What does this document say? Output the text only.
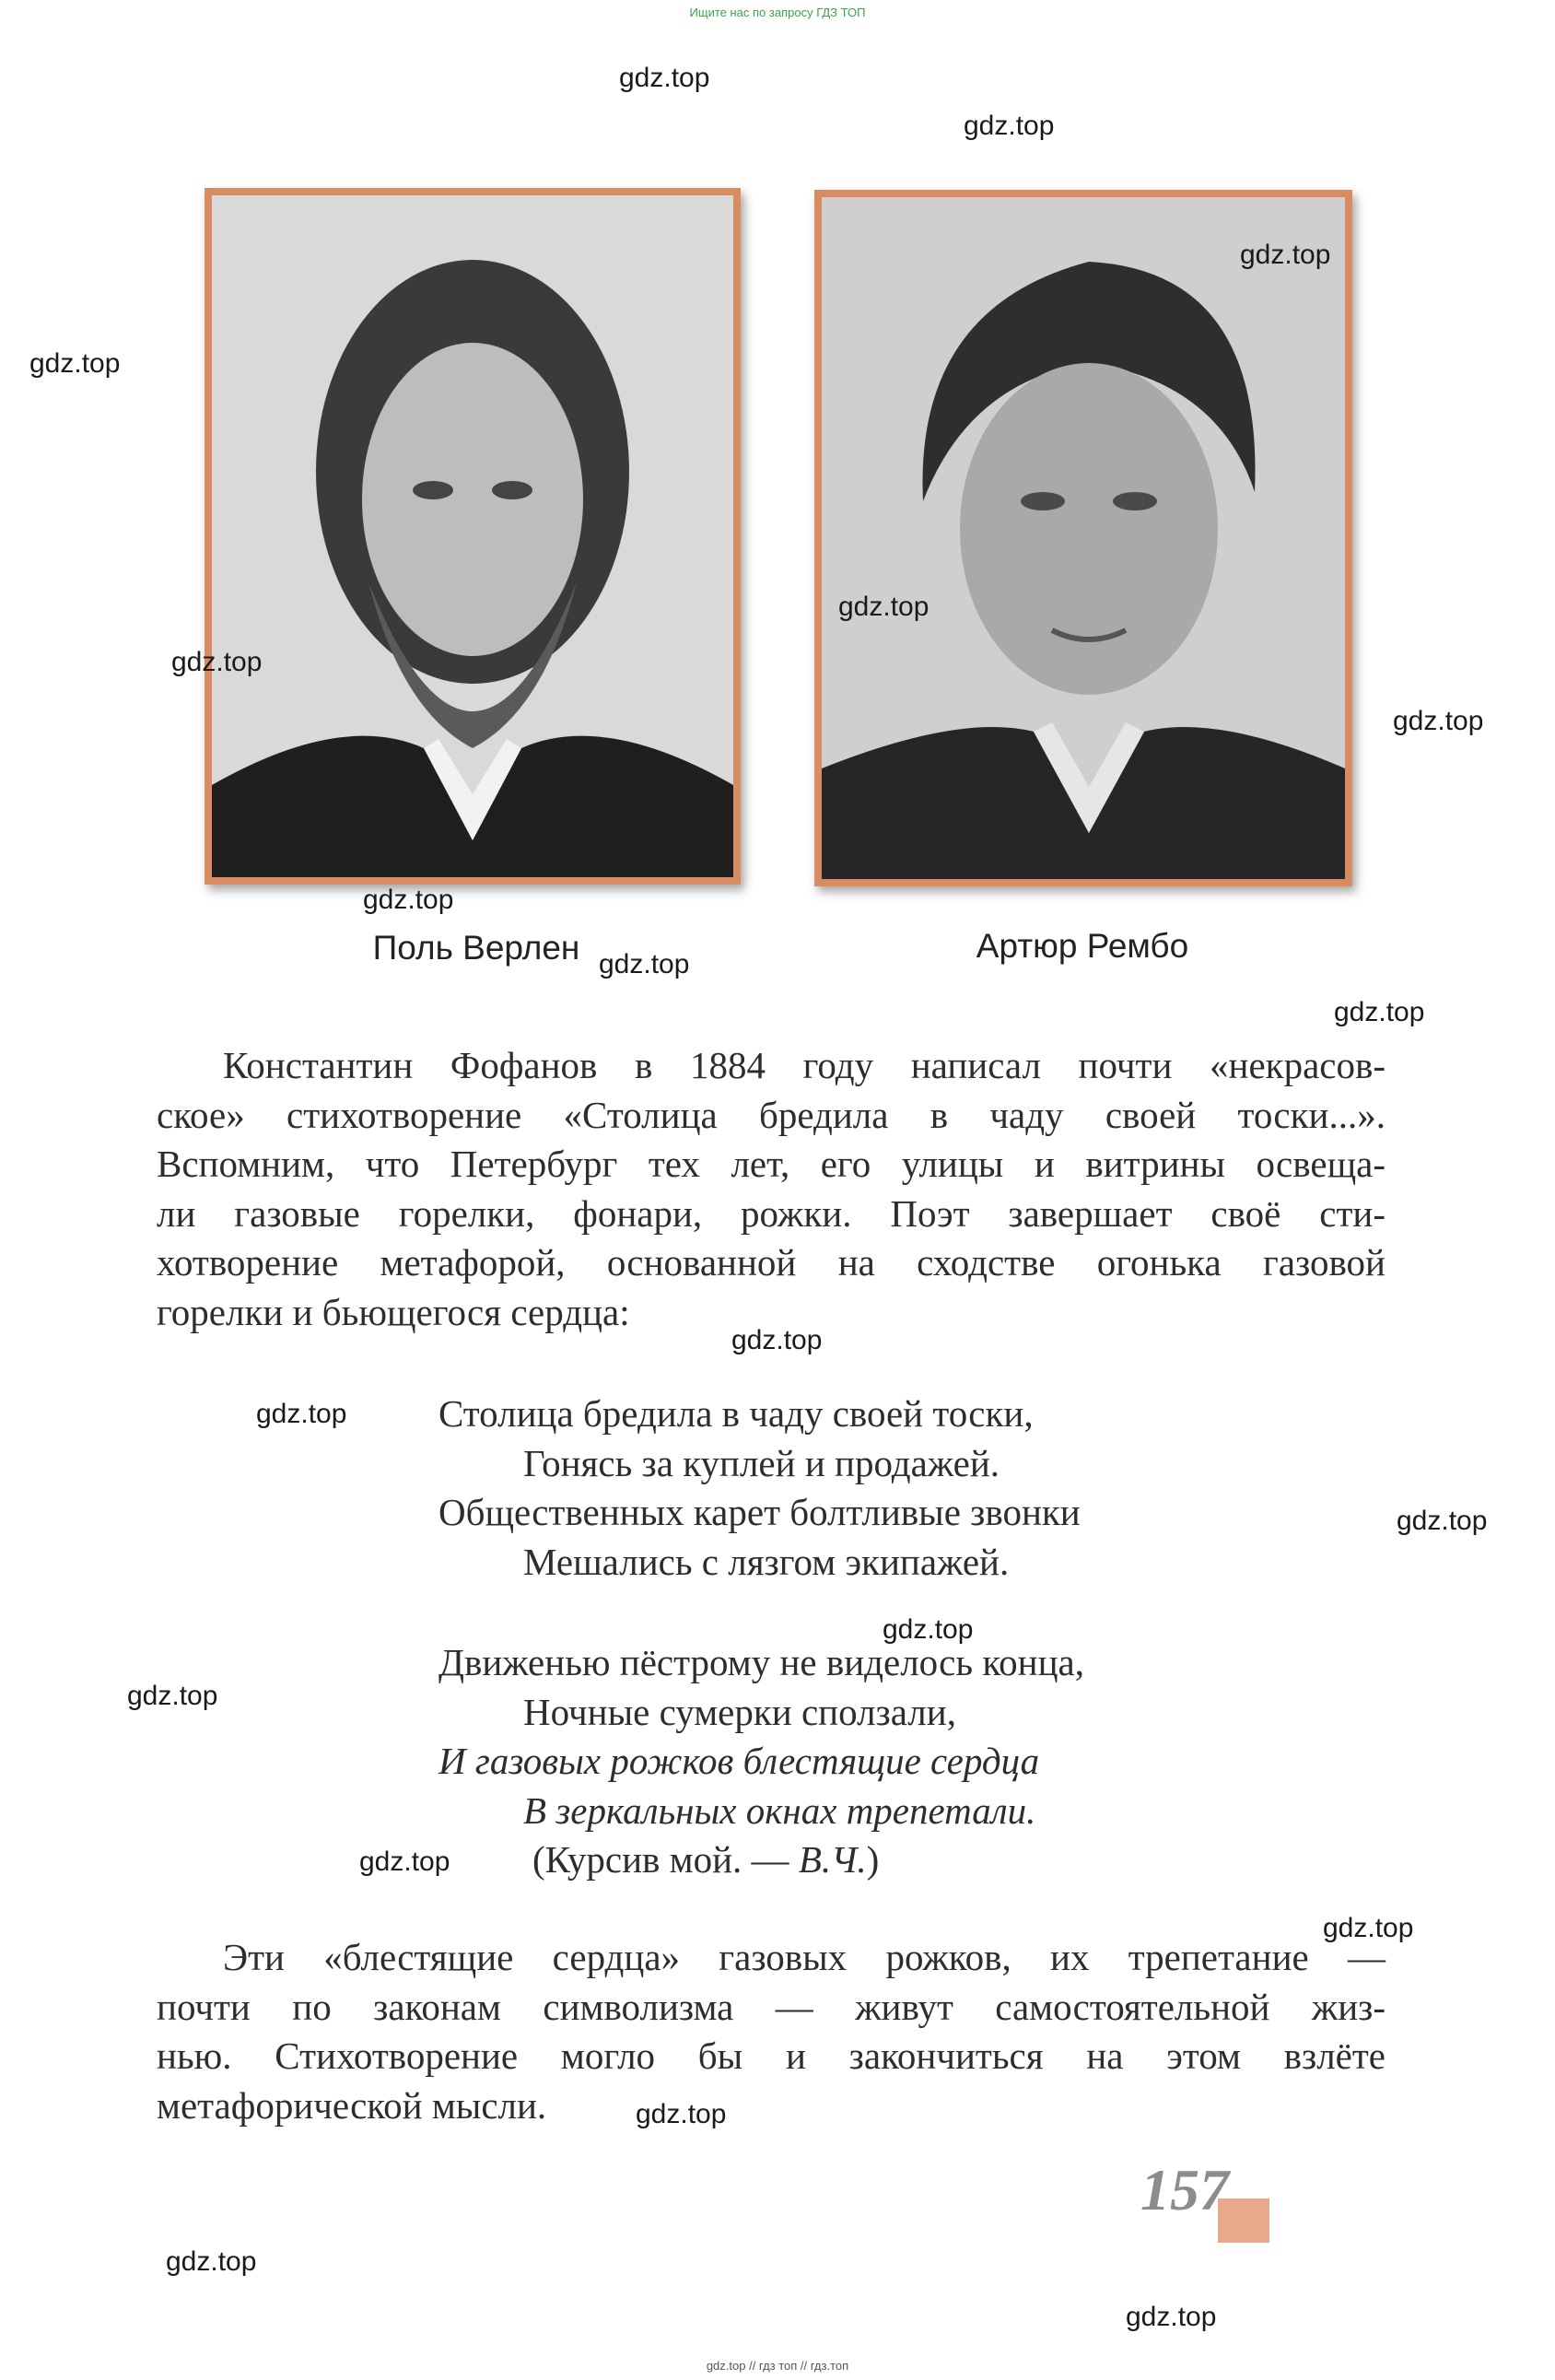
Ищите нас по запросу ГДЗ ТОП
gdz.top // гдз топ // гдз.топ
Поль Верлен	Артюр Рембо
Константин Фофанов в 1884 году написал почти «некрасов-
ское» стихотворение «Столица бредила в чаду своей тоски...».
Вспомним, что Петербург тех лет, его улицы и витрины освеща-
ли газовые горелки, фонари, рожки. Поэт завершает своё сти-
хотворение метафорой, основанной на сходстве огонька газовой
горелки и бьющегося сердца:
Столица бредила в чаду своей тоски,
Гонясь за куплей и продажей.
Общественных карет болтливые звонки
Мешались с лязгом экипажей.
Движенью пёстрому не виделось конца,
Ночные сумерки сползали,
И газовых рожков блестящие сердца
В зеркальных окнах трепетали.
(Курсив мой. — В.Ч.)
Эти «блестящие сердца» газовых рожков, их трепетание —
почти по законам символизма — живут самостоятельной жиз-
нью. Стихотворение могло бы и закончиться на этом взлёте
метафорической мысли.
157
gdz.top
gdz.top
gdz.top
gdz.top
gdz.top
gdz.top
gdz.top
gdz.top
gdz.top
gdz.top
gdz.top
gdz.top
gdz.top
gdz.top
gdz.top
gdz.top
gdz.top
gdz.top
gdz.top
gdz.top
